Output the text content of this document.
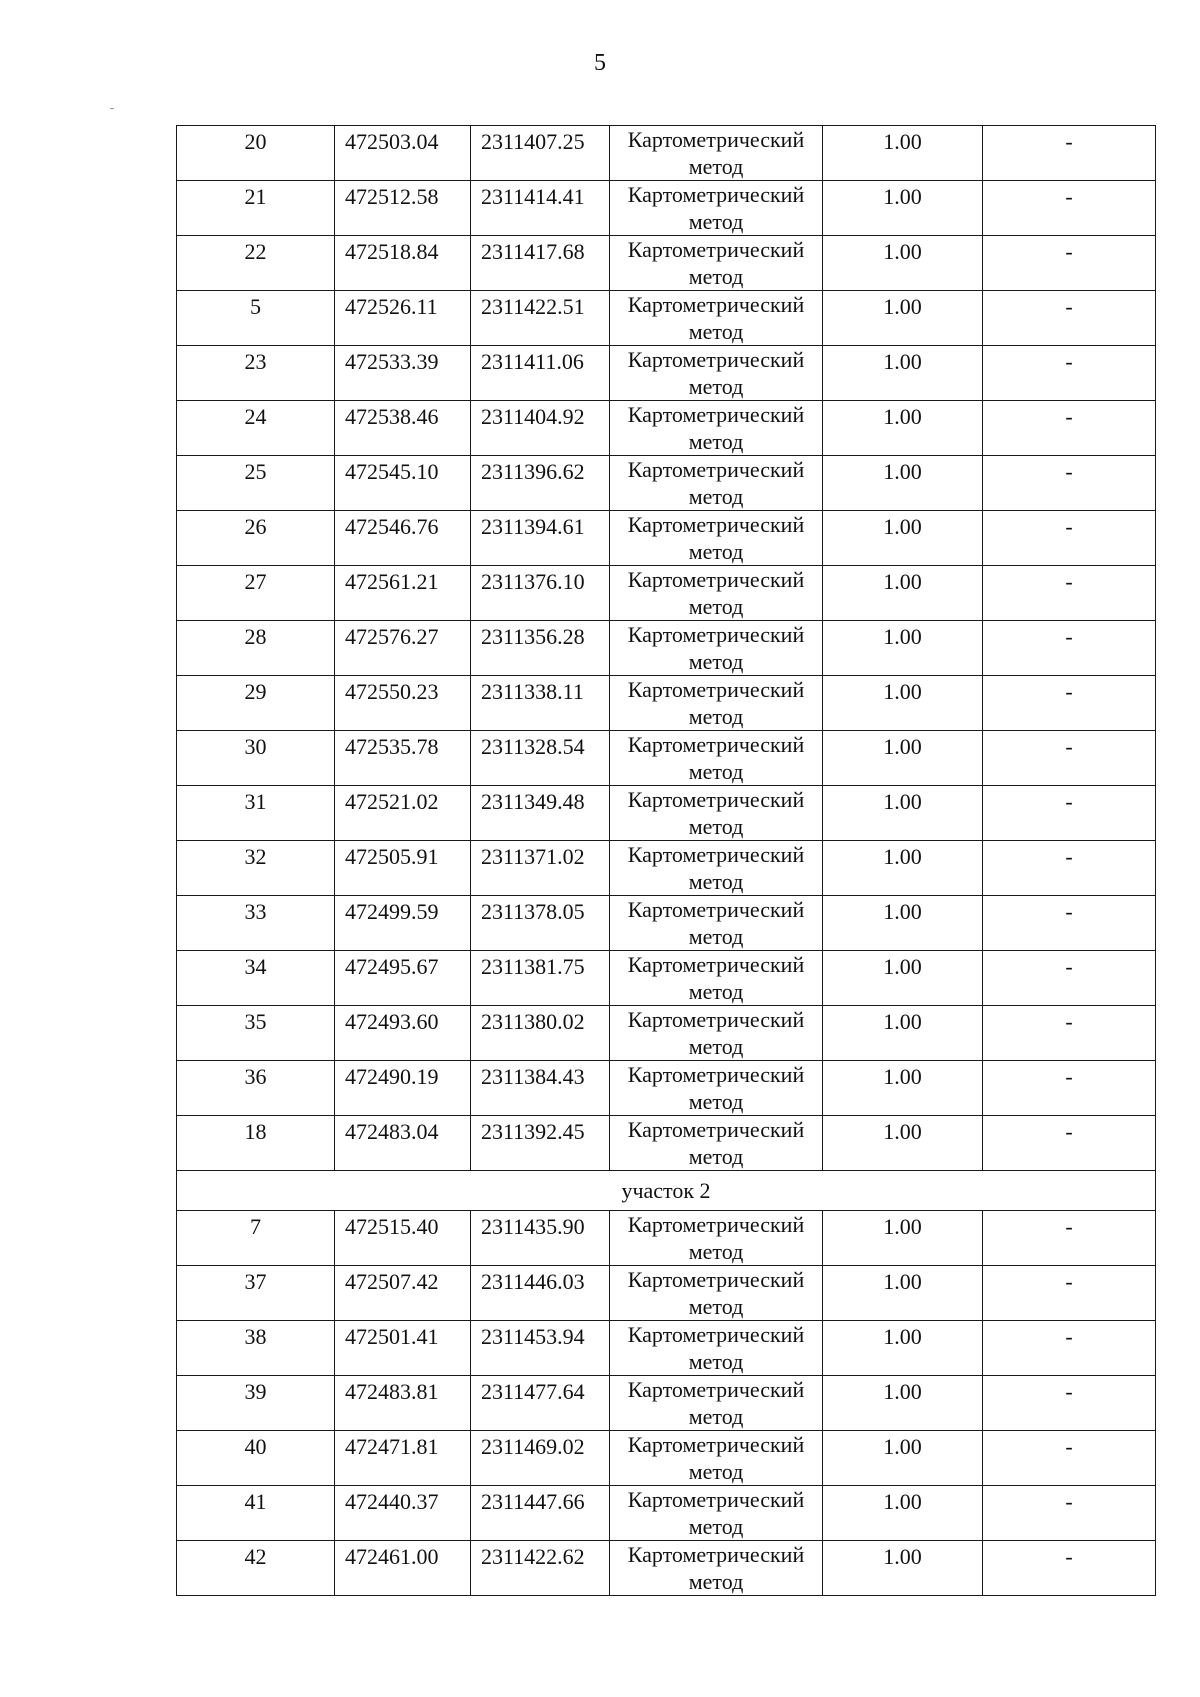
5
20	472503.04	2311407.25	Картометрический
метод	1.00	-

21	472512.58	2311414.41	Картометрический
метод	1.00	-

22	472518.84	2311417.68	Картометрический
метод	1.00	-

5	472526.11	2311422.51	Картометрический
метод	1.00	-

23	472533.39	2311411.06	Картометрический
метод	1.00	-

24	472538.46	2311404.92	Картометрический
метод	1.00	-

25	472545.10	2311396.62	Картометрический
метод	1.00	-

26	472546.76	2311394.61	Картометрический
метод	1.00	-

27	472561.21	2311376.10	Картометрический
метод	1.00	-

28	472576.27	2311356.28	Картометрический
метод	1.00	-

29	472550.23	2311338.11	Картометрический
метод	1.00	-

30	472535.78	2311328.54	Картометрический
метод	1.00	-

31	472521.02	2311349.48	Картометрический
метод	1.00	-

32	472505.91	2311371.02	Картометрический
метод	1.00	-

33	472499.59	2311378.05	Картометрический
метод	1.00	-

34	472495.67	2311381.75	Картометрический
метод	1.00	-

35	472493.60	2311380.02	Картометрический
метод	1.00	-

36	472490.19	2311384.43	Картометрический
метод	1.00	-

18	472483.04	2311392.45	Картометрический
метод	1.00	-

участок 2					

7	472515.40	2311435.90	Картометрический
метод	1.00	-

37	472507.42	2311446.03	Картометрический
метод	1.00	-

38	472501.41	2311453.94	Картометрический
метод	1.00	-

39	472483.81	2311477.64	Картометрический
метод	1.00	-

40	472471.81	2311469.02	Картометрический
метод	1.00	-

41	472440.37	2311447.66	Картометрический
метод	1.00	-

42	472461.00	2311422.62	Картометрический
метод	1.00	-
